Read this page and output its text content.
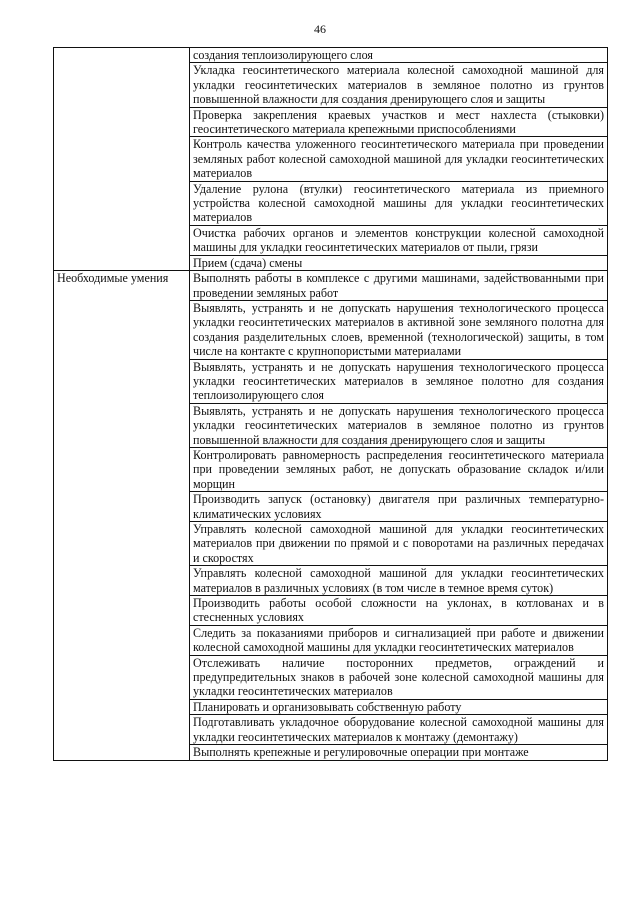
46
	создания теплоизолирующего слоя
	Укладка геосинтетического материала колесной самоходной машиной для укладки геосинтетических материалов в земляное полотно из грунтов повышенной влажности для создания дренирующего слоя и защиты
	Проверка закрепления краевых участков и мест нахлеста (стыковки) геосинтетического материала крепежными приспособлениями
	Контроль качества уложенного геосинтетического материала при проведении земляных работ колесной самоходной машиной для укладки геосинтетических материалов
	Удаление рулона (втулки) геосинтетического материала из приемного устройства колесной самоходной машины для укладки геосинтетических материалов
	Очистка рабочих органов и элементов конструкции колесной самоходной машины для укладки геосинтетических материалов от пыли, грязи
	Прием (сдача) смены
Необходимые умения	Выполнять работы в комплексе с другими машинами, задействованными при проведении земляных работ
	Выявлять, устранять и не допускать нарушения технологического процесса укладки геосинтетических материалов в активной зоне земляного полотна для создания разделительных слоев, временной (технологической) защиты, в том числе на контакте с крупнопористыми материалами
	Выявлять, устранять и не допускать нарушения технологического процесса укладки геосинтетических материалов в земляное полотно для создания теплоизолирующего слоя
	Выявлять, устранять и не допускать нарушения технологического процесса укладки геосинтетических материалов в земляное полотно из грунтов повышенной влажности для создания дренирующего слоя и защиты
	Контролировать равномерность распределения геосинтетического материала при проведении земляных работ, не допускать образование складок и/или морщин
	Производить запуск (остановку) двигателя при различных температурно-климатических условиях
	Управлять колесной самоходной машиной для укладки геосинтетических материалов при движении по прямой и с поворотами на различных передачах и скоростях
	Управлять колесной самоходной машиной для укладки геосинтетических материалов в различных условиях (в том числе в темное время суток)
	Производить работы особой сложности на уклонах, в котлованах и в стесненных условиях
	Следить за показаниями приборов и сигнализацией при работе и движении колесной самоходной машины для укладки геосинтетических материалов
	Отслеживать наличие посторонних предметов, ограждений и предупредительных знаков в рабочей зоне колесной самоходной машины для укладки геосинтетических материалов
	Планировать и организовывать собственную работу
	Подготавливать укладочное оборудование колесной самоходной машины для укладки геосинтетических материалов к монтажу (демонтажу)
	Выполнять крепежные и регулировочные операции при монтаже
